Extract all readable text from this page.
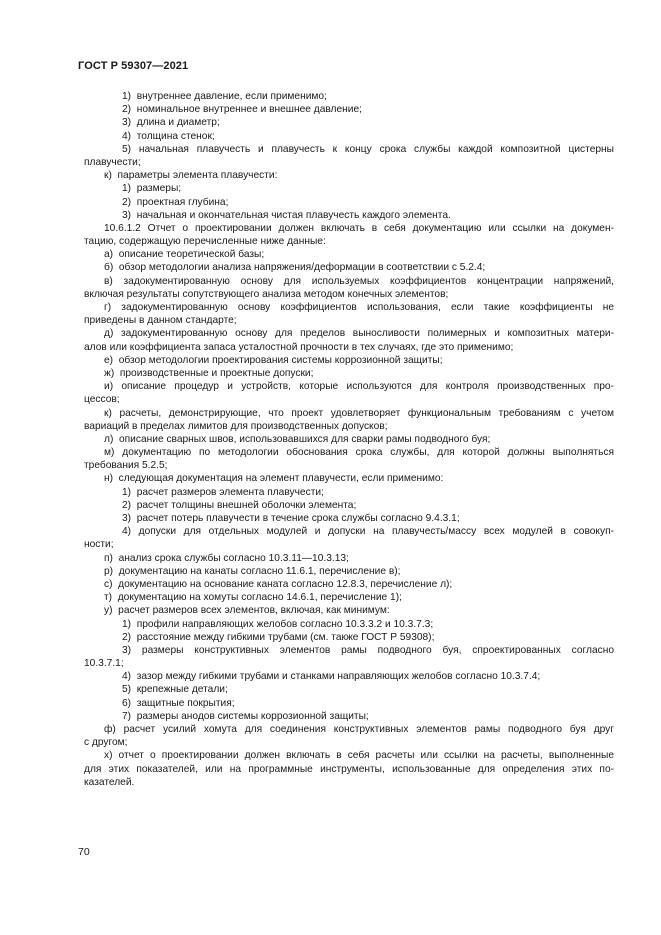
ГОСТ Р 59307—2021
1)  внутреннее давление, если применимо;
2)  номинальное внутреннее и внешнее давление;
3)  длина и диаметр;
4)  толщина стенок;
5) начальная плавучесть и плавучесть к концу срока службы каждой композитной цистерны
плавучести;
к)  параметры элемента плавучести:
1)  размеры;
2)  проектная глубина;
3)  начальная и окончательная чистая плавучесть каждого элемента.
10.6.1.2 Отчет о проектировании должен включать в себя документацию или ссылки на докумен-
тацию, содержащую перечисленные ниже данные:
а)  описание теоретической базы;
б)  обзор методологии анализа напряжения/деформации в соответствии с 5.2.4;
в) задокументированную основу для используемых коэффициентов концентрации напряжений,
включая результаты сопутствующего анализа методом конечных элементов;
г) задокументированную основу коэффициентов использования, если такие коэффициенты не
приведены в данном стандарте;
д) задокументированную основу для пределов выносливости полимерных и композитных матери-
алов или коэффициента запаса усталостной прочности в тех случаях, где это применимо;
е)  обзор методологии проектирования системы коррозионной защиты;
ж)  производственные и проектные допуски;
и) описание процедур и устройств, которые используются для контроля производственных про-
цессов;
к) расчеты, демонстрирующие, что проект удовлетворяет функциональным требованиям с учетом
вариаций в пределах лимитов для производственных допусков;
л)  описание сварных швов, использовавшихся для сварки рамы подводного буя;
м) документацию по методологии обоснования срока службы, для которой должны выполняться
требования 5.2.5;
н)  следующая документация на элемент плавучести, если применимо:
1)  расчет размеров элемента плавучести;
2)  расчет толщины внешней оболочки элемента;
3)  расчет потерь плавучести в течение срока службы согласно 9.4.3.1;
4) допуски для отдельных модулей и допуски на плавучесть/массу всех модулей в совокуп-
ности;
п)  анализ срока службы согласно 10.3.11—10.3.13;
р)  документацию на канаты согласно 11.6.1, перечисление в);
с)  документацию на основание каната согласно 12.8.3, перечисление л);
т)  документацию на хомуты согласно 14.6.1, перечисление 1);
у)  расчет размеров всех элементов, включая, как минимум:
1)  профили направляющих желобов согласно 10.3.3.2 и 10.3.7.3;
2)  расстояние между гибкими трубами (см. также ГОСТ Р 59308);
3) размеры конструктивных элементов рамы подводного буя, спроектированных согласно
10.3.7.1;
4)  зазор между гибкими трубами и станками направляющих желобов согласно 10.3.7.4;
5)  крепежные детали;
6)  защитные покрытия;
7)  размеры анодов системы коррозионной защиты;
ф) расчет усилий хомута для соединения конструктивных элементов рамы подводного буя друг
с другом;
х) отчет о проектировании должен включать в себя расчеты или ссылки на расчеты, выполненные
для этих показателей, или на программные инструменты, использованные для определения этих по-
казателей.
70
